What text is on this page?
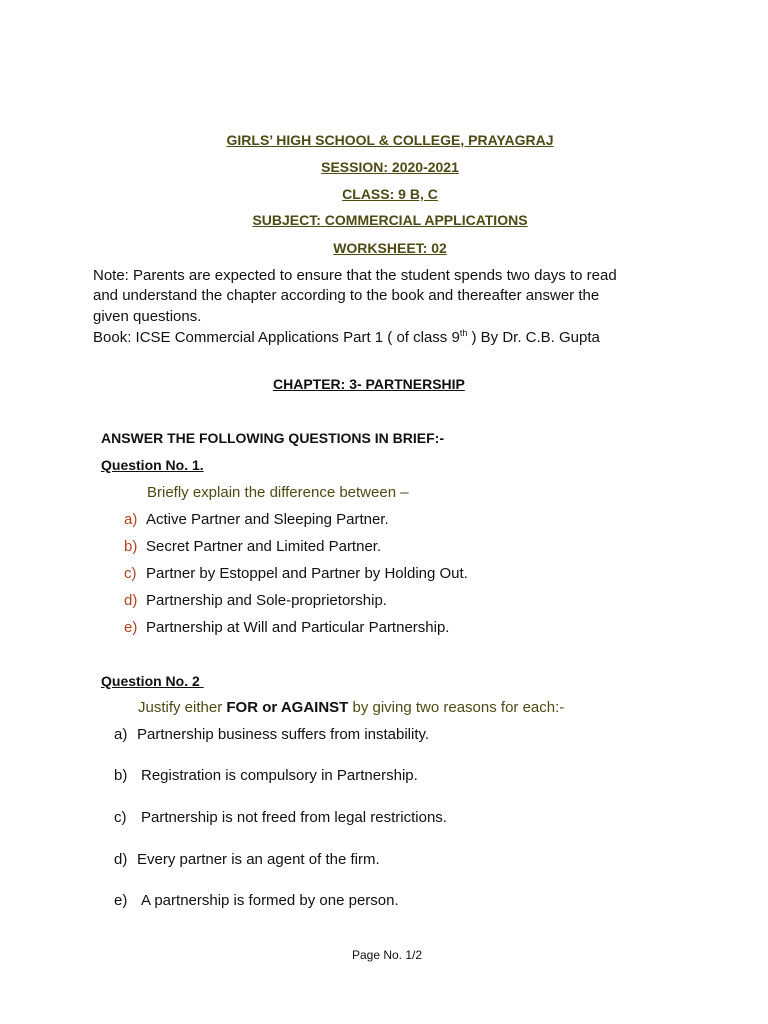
GIRLS’ HIGH SCHOOL & COLLEGE, PRAYAGRAJ
SESSION: 2020-2021
CLASS: 9 B, C
SUBJECT: COMMERCIAL APPLICATIONS
WORKSHEET: 02
Note: Parents are expected to ensure that the student spends two days to read
and understand the chapter according to the book and thereafter answer the
given questions.
Book: ICSE Commercial Applications Part 1 ( of class 9th ) By Dr. C.B. Gupta
CHAPTER: 3- PARTNERSHIP
ANSWER THE FOLLOWING QUESTIONS IN BRIEF:-
Question No. 1.
Briefly explain the difference between –
a) Active Partner and Sleeping Partner.
b) Secret Partner and Limited Partner.
c) Partner by Estoppel and Partner by Holding Out.
d) Partnership and Sole-proprietorship.
e) Partnership at Will and Particular Partnership.
Question No. 2
Justify either FOR or AGAINST by giving two reasons for each:-
a) Partnership business suffers from instability.
b) Registration is compulsory in Partnership.
c) Partnership is not freed from legal restrictions.
d) Every partner is an agent of the firm.
e) A partnership is formed by one person.
Page No. 1/2
